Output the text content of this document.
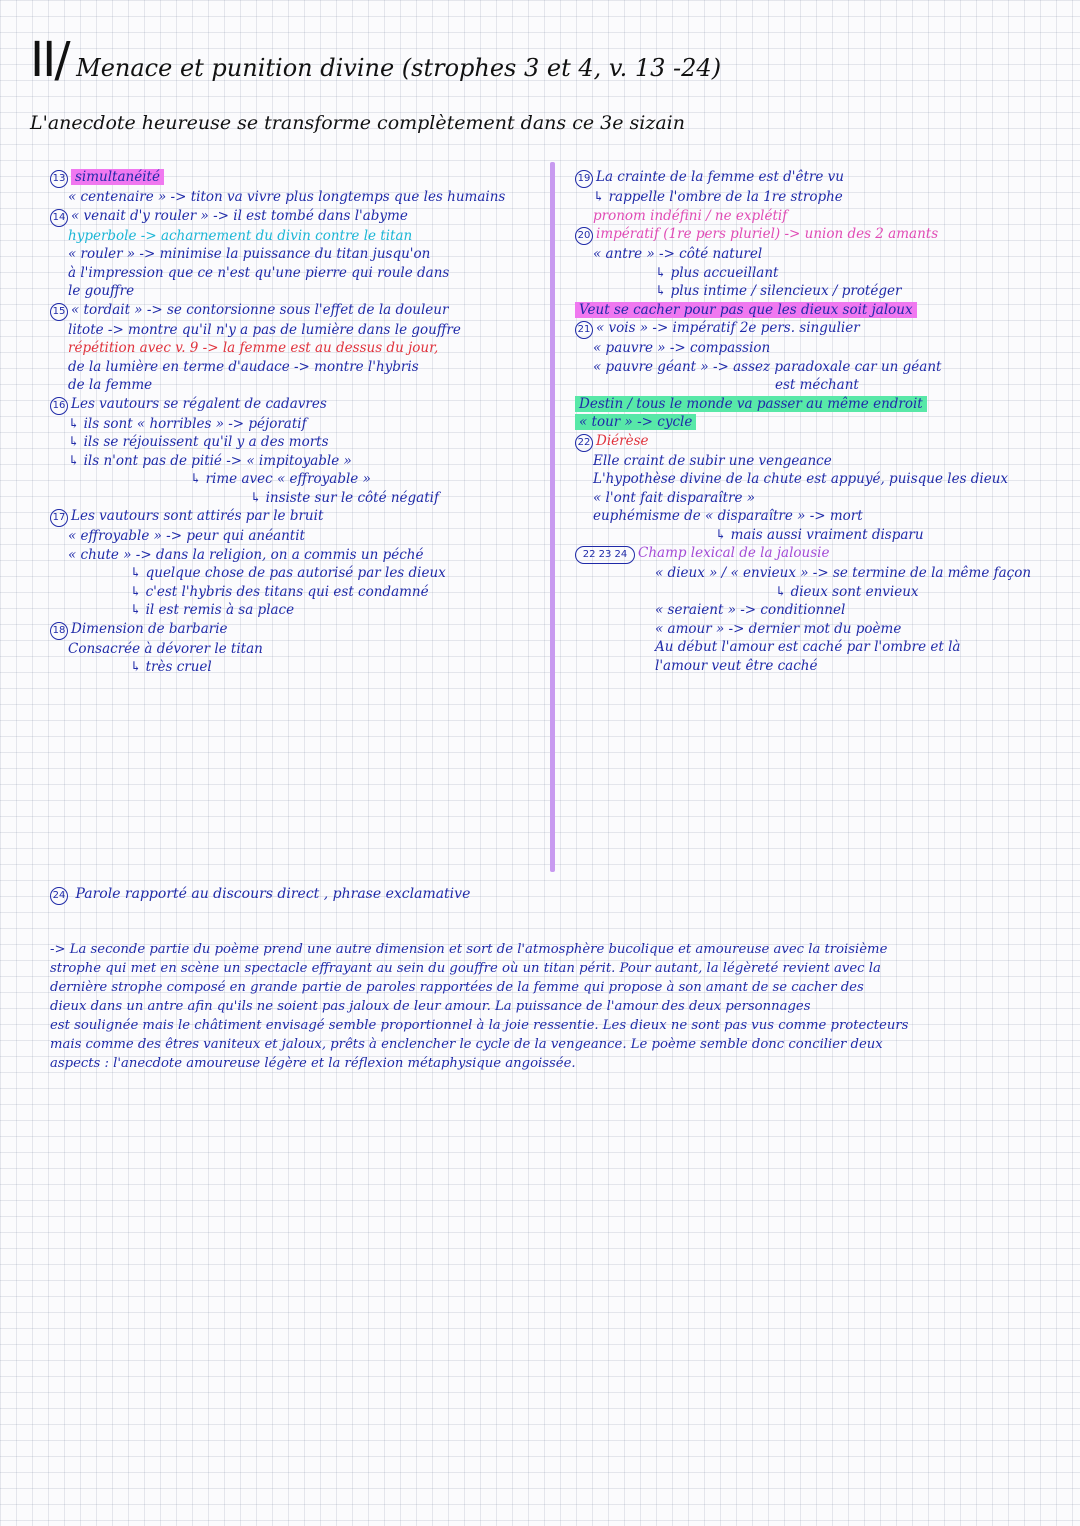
II/ Menace et punition divine (strophes 3 et 4, v. 13 -24)
L'anecdote heureuse se transforme complètement dans ce 3e sizain
13 simultanéité
« centenaire » -> titon va vivre plus longtemps que les humains
14 « venait d'y rouler » -> il est tombé dans l'abyme
hyperbole -> acharnement du divin contre le titan
« rouler » -> minimise la puissance du titan jusqu'on
à l'impression que ce n'est qu'une pierre qui roule dans
le gouffre
15 « tordait » -> se contorsionne sous l'effet de la douleur
litote -> montre qu'il n'y a pas de lumière dans le gouffre
répétition avec v. 9 -> la femme est au dessus du jour,
de la lumière en terme d'audace -> montre l'hybris
de la femme
16 Les vautours se régalent de cadavres
↳ ils sont « horribles » -> péjoratif
↳ ils se réjouissent qu'il y a des morts
↳ ils n'ont pas de pitié -> « impitoyable »
↳ rime avec « effroyable »
↳ insiste sur le côté négatif
17 Les vautours sont attirés par le bruit
« effroyable » -> peur qui anéantit
« chute » -> dans la religion, on a commis un péché
↳ quelque chose de pas autorisé par les dieux
↳ c'est l'hybris des titans qui est condamné
↳ il est remis à sa place
18 Dimension de barbarie
Consacrée à dévorer le titan
↳ très cruel
19 La crainte de la femme est d'être vu
↳ rappelle l'ombre de la 1re strophe
pronom indéfini / ne explétif
20 impératif (1re pers pluriel) -> union des 2 amants
« antre » -> côté naturel
↳ plus accueillant
↳ plus intime / silencieux / protéger
Veut se cacher pour pas que les dieux soit jaloux
21 « vois » -> impératif 2e pers. singulier
« pauvre » -> compassion
« pauvre géant » -> assez paradoxale car un géant
est méchant
Destin / tous le monde va passer au même endroit
« tour » -> cycle
22 Diérèse
Elle craint de subir une vengeance
L'hypothèse divine de la chute est appuyé, puisque les dieux
« l'ont fait disparaître »
euphémisme de « disparaître » -> mort
↳ mais aussi vraiment disparu
22 23 24 Champ lexical de la jalousie
« dieux » / « envieux » -> se termine de la même façon
↳ dieux sont envieux
« seraient » -> conditionnel
« amour » -> dernier mot du poème
Au début l'amour est caché par l'ombre et là
l'amour veut être caché
24 Parole rapporté au discours direct , phrase exclamative
-> La seconde partie du poème prend une autre dimension et sort de l'atmosphère bucolique et amoureuse avec la troisième
strophe qui met en scène un spectacle effrayant au sein du gouffre où un titan périt. Pour autant, la légèreté revient avec la
dernière strophe composé en grande partie de paroles rapportées de la femme qui propose à son amant de se cacher des
dieux dans un antre afin qu'ils ne soient pas jaloux de leur amour. La puissance de l'amour des deux personnages
est soulignée mais le châtiment envisagé semble proportionnel à la joie ressentie. Les dieux ne sont pas vus comme protecteurs
mais comme des êtres vaniteux et jaloux, prêts à enclencher le cycle de la vengeance. Le poème semble donc concilier deux
aspects : l'anecdote amoureuse légère et la réflexion métaphysique angoissée.
